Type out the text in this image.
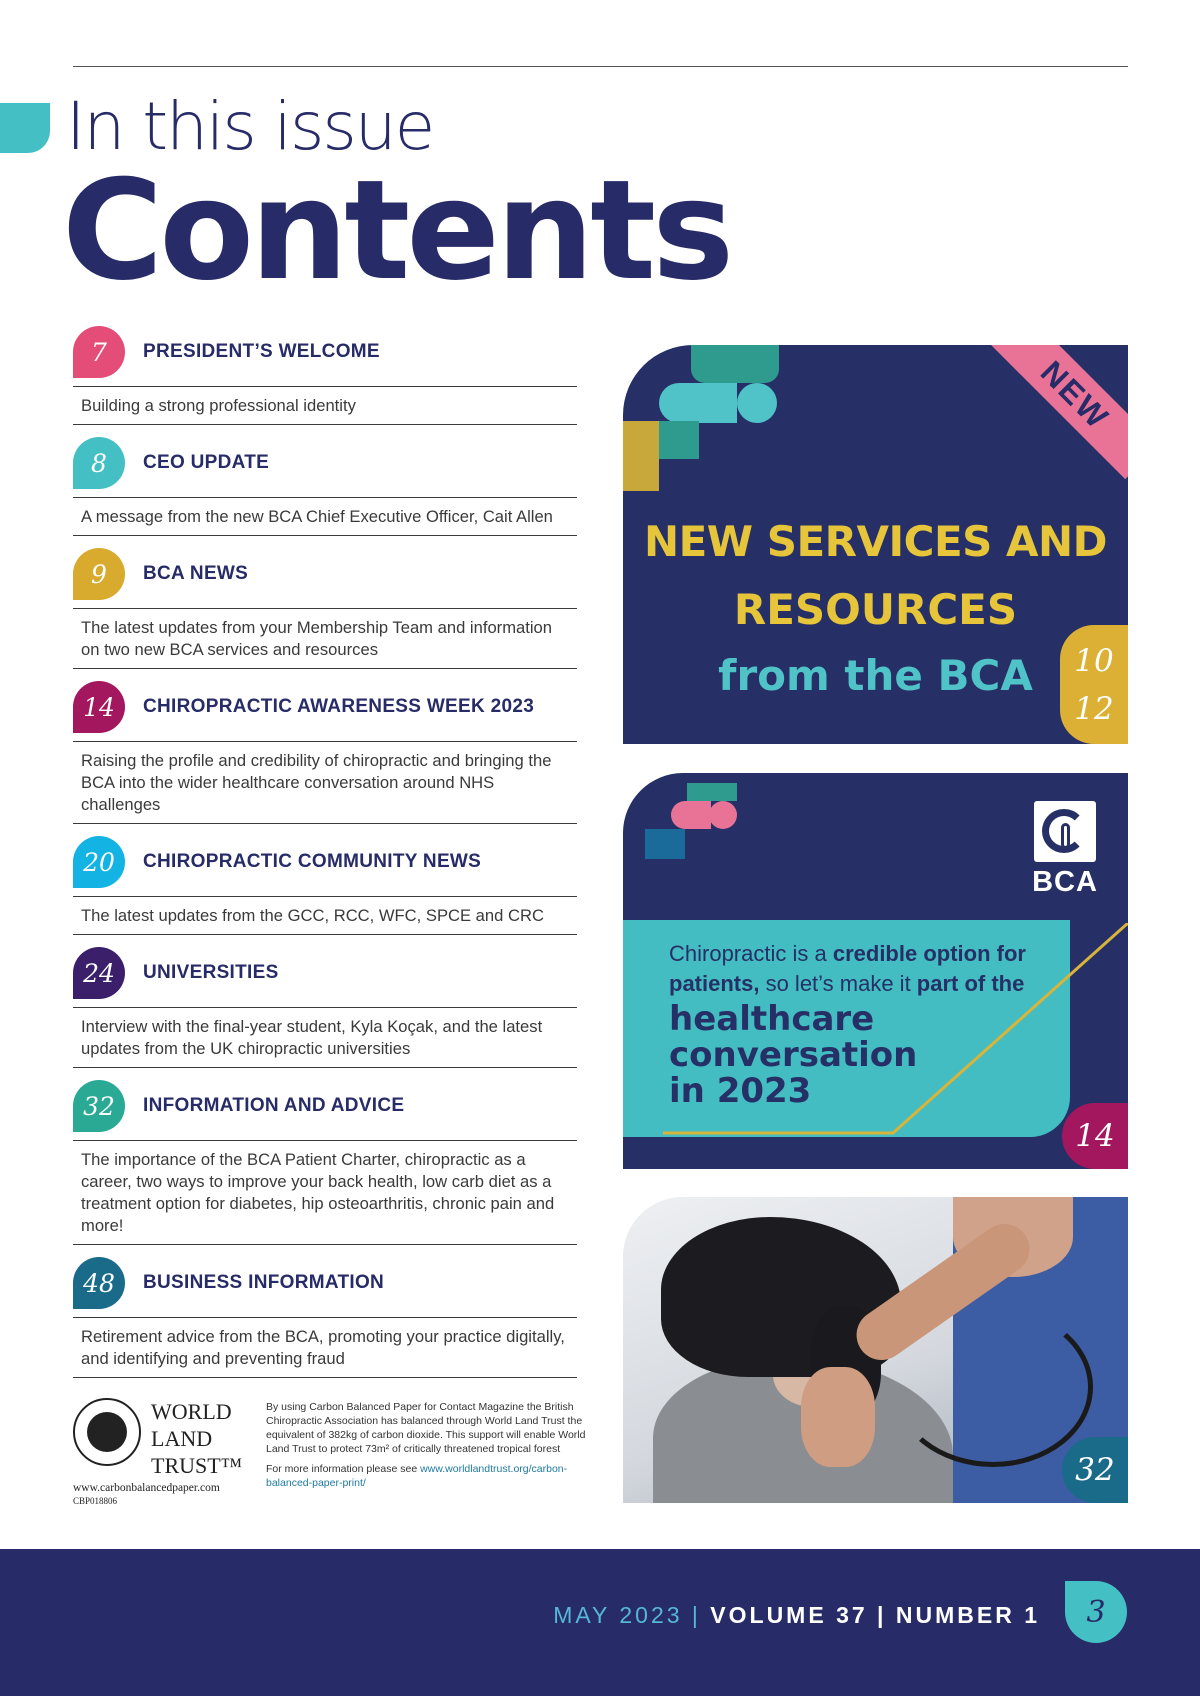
In this issue
Contents
7	PRESIDENT’S WELCOME
Building a strong professional identity
8	CEO UPDATE
A message from the new BCA Chief Executive Officer, Cait Allen
9	BCA NEWS
The latest updates from your Membership Team and information on two new BCA services and resources
14	CHIROPRACTIC AWARENESS WEEK 2023
Raising the profile and credibility of chiropractic and bringing the BCA into the wider healthcare conversation around NHS challenges
20	CHIROPRACTIC COMMUNITY NEWS
The latest updates from the GCC, RCC, WFC, SPCE and CRC
24	UNIVERSITIES
Interview with the final-year student, Kyla Koçak, and the latest updates from the UK chiropractic universities
32	INFORMATION AND ADVICE
The importance of the BCA Patient Charter, chiropractic as a career, two ways to improve your back health, low carb diet as a treatment option for diabetes, hip osteoarthritis, chronic pain and more!
48	BUSINESS INFORMATION
Retirement advice from the BCA, promoting your practice digitally, and identifying and preventing fraud
WORLD
LAND
TRUST™
www.carbonbalancedpaper.com
CBP018806

By using Carbon Balanced Paper for Contact Magazine the British Chiropractic Association has balanced through World Land Trust the equivalent of 382kg of carbon dioxide. This support will enable World Land Trust to protect 73m² of critically threatened tropical forest

For more information please see www.worldlandtrust.org/carbon-balanced-paper-print/

NEW
NEW SERVICES AND
RESOURCES
from the BCA	10
12
BCA
Chiropractic is a credible option for patients, so let’s make it part of the
healthcare
conversation
in 2023
14
32
MAY 2023 | VOLUME 37 | NUMBER 1	3
